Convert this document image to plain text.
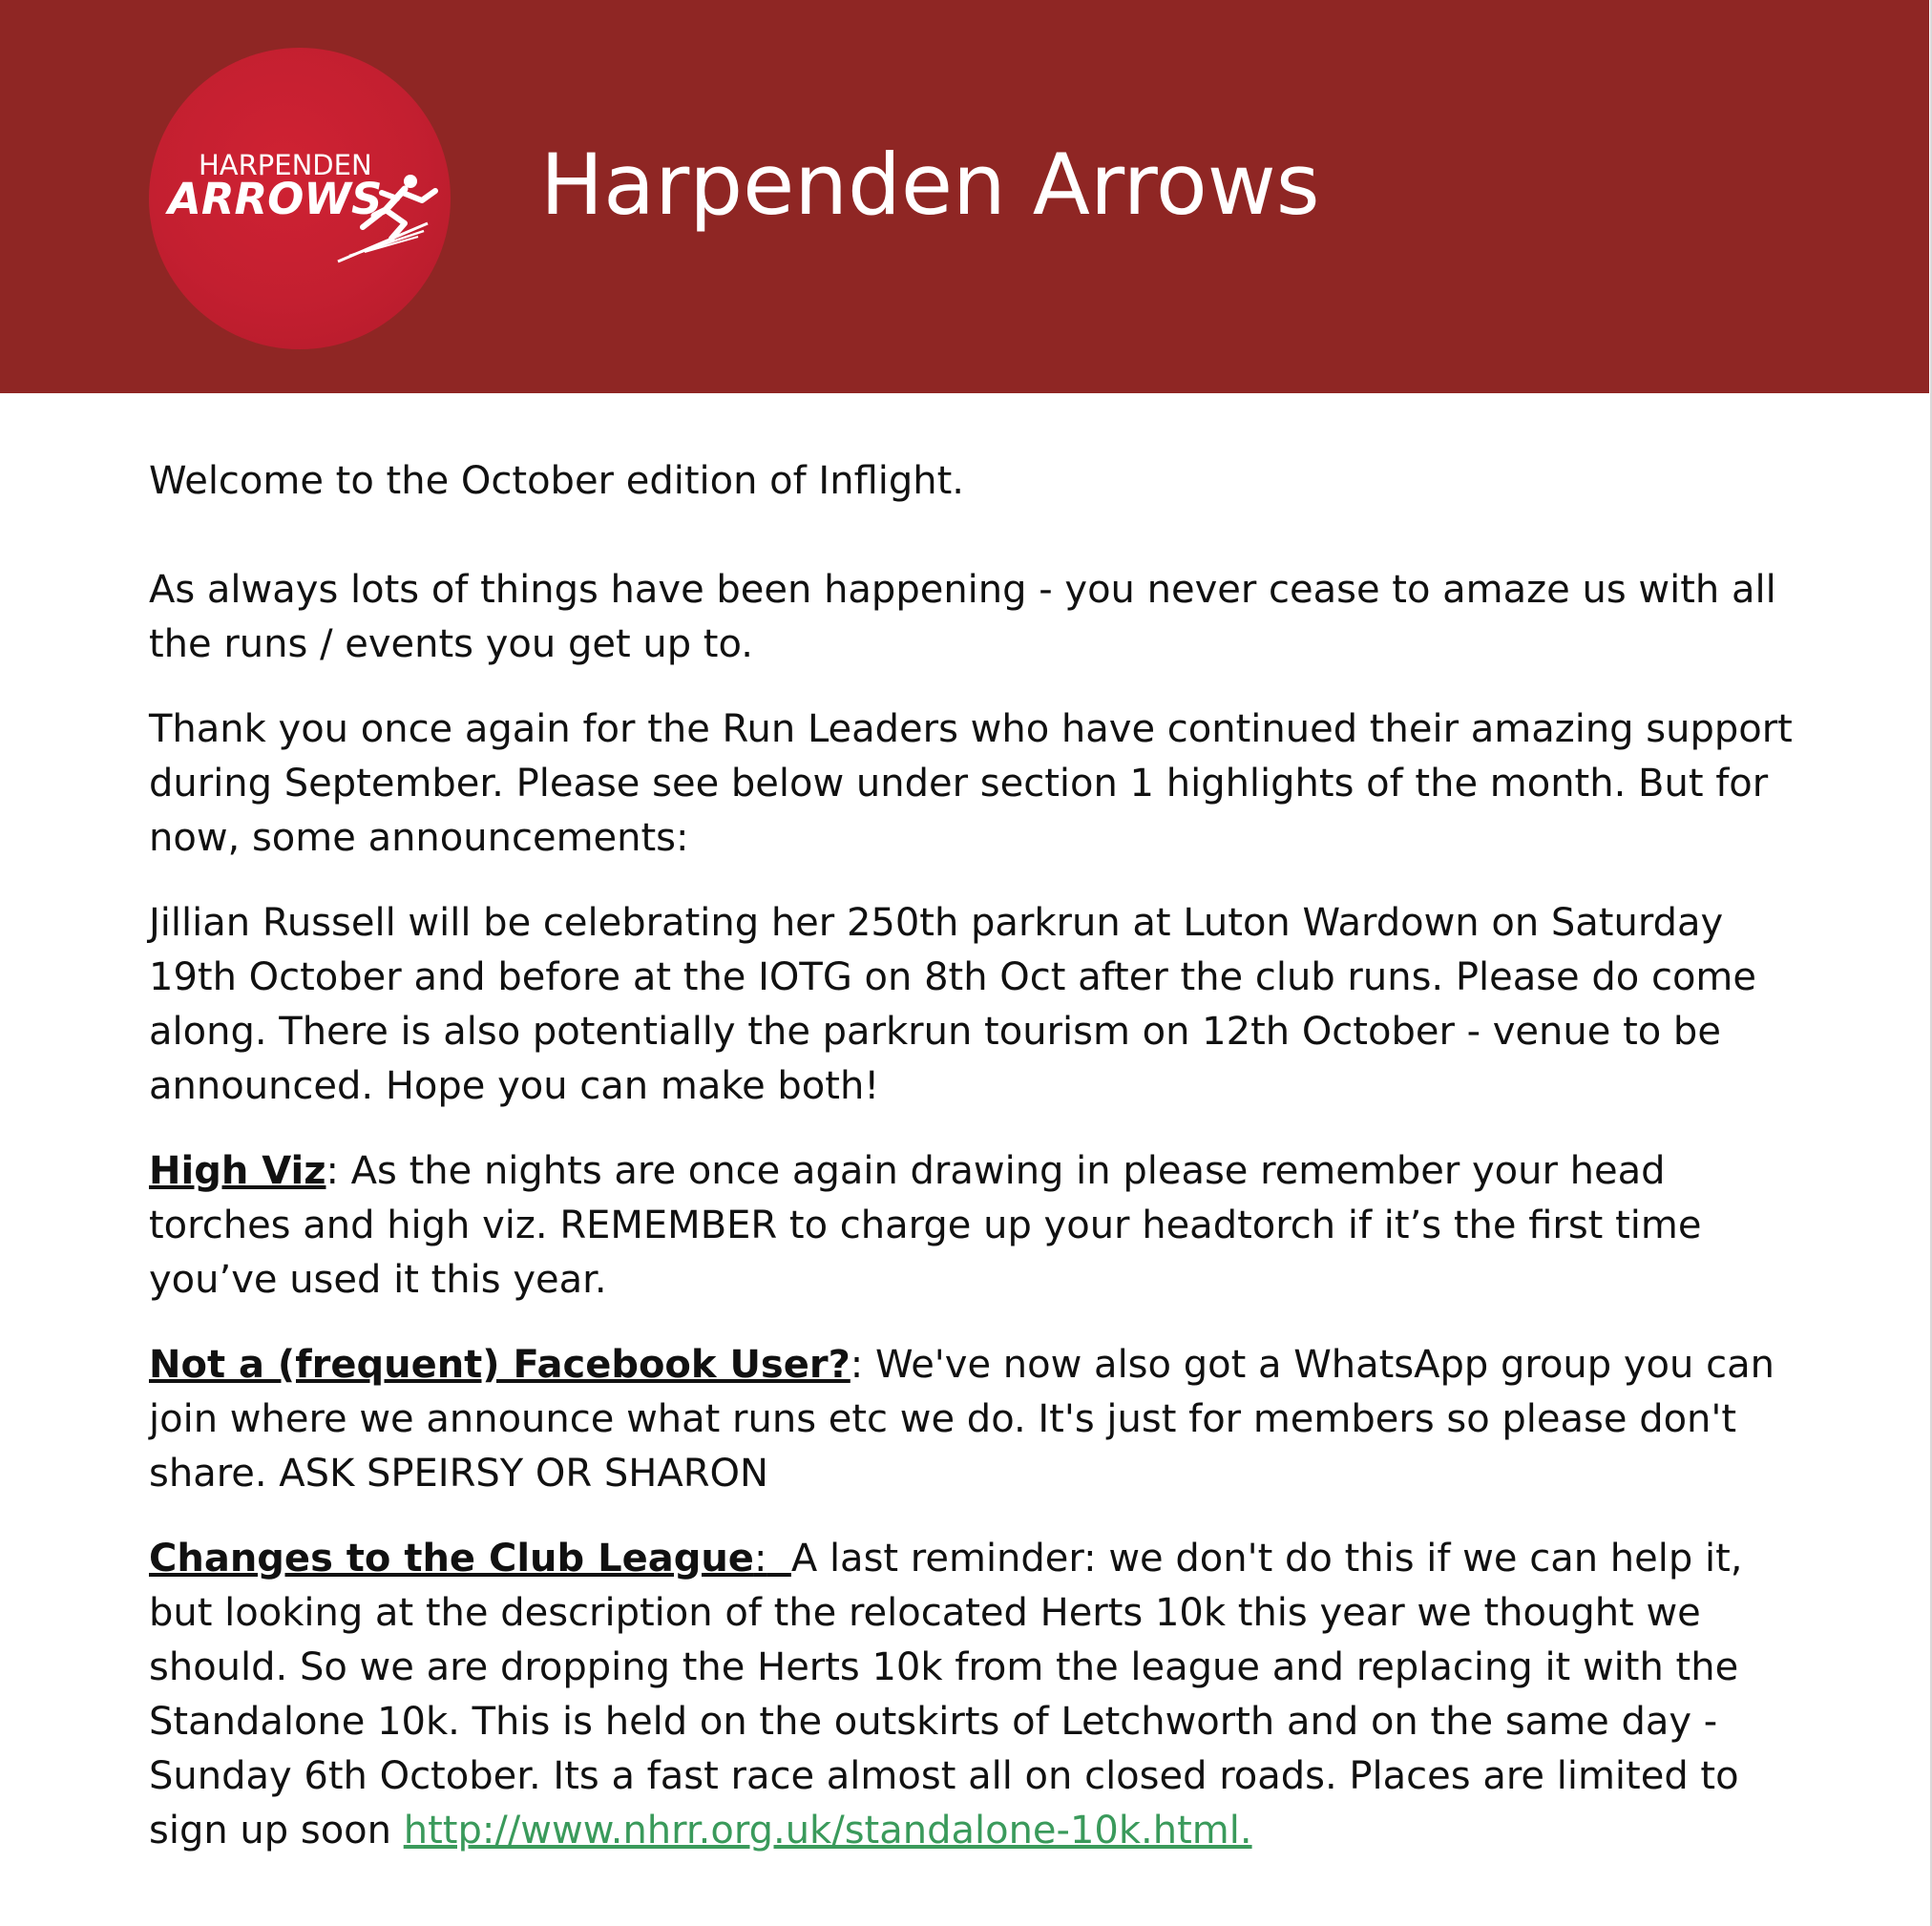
HARPENDEN
ARROWS Harpenden Arrows

Welcome to the October edition of Inflight.

As always lots of things have been happening - you never cease to amaze us with all the runs / events you get up to.

Thank you once again for the Run Leaders who have continued their amazing support during September. Please see below under section 1 highlights of the month. But for now, some announcements:

Jillian Russell will be celebrating her 250th parkrun at Luton Wardown on Saturday 19th October and before at the IOTG on 8th Oct after the club runs. Please do come along. There is also potentially the parkrun tourism on 12th October - venue to be announced. Hope you can make both!

High Viz: As the nights are once again drawing in please remember your head torches and high viz. REMEMBER to charge up your headtorch if it’s the first time you’ve used it this year.

Not a (frequent) Facebook User?: We've now also got a WhatsApp group you can join where we announce what runs etc we do. It's just for members so please don't share. ASK SPEIRSY OR SHARON

Changes to the Club League: A last reminder: we don't do this if we can help it, but looking at the description of the relocated Herts 10k this year we thought we should. So we are dropping the Herts 10k from the league and replacing it with the Standalone 10k. This is held on the outskirts of Letchworth and on the same day - Sunday 6th October. Its a fast race almost all on closed roads. Places are limited to sign up soon http://www.nhrr.org.uk/standalone-10k.html.
